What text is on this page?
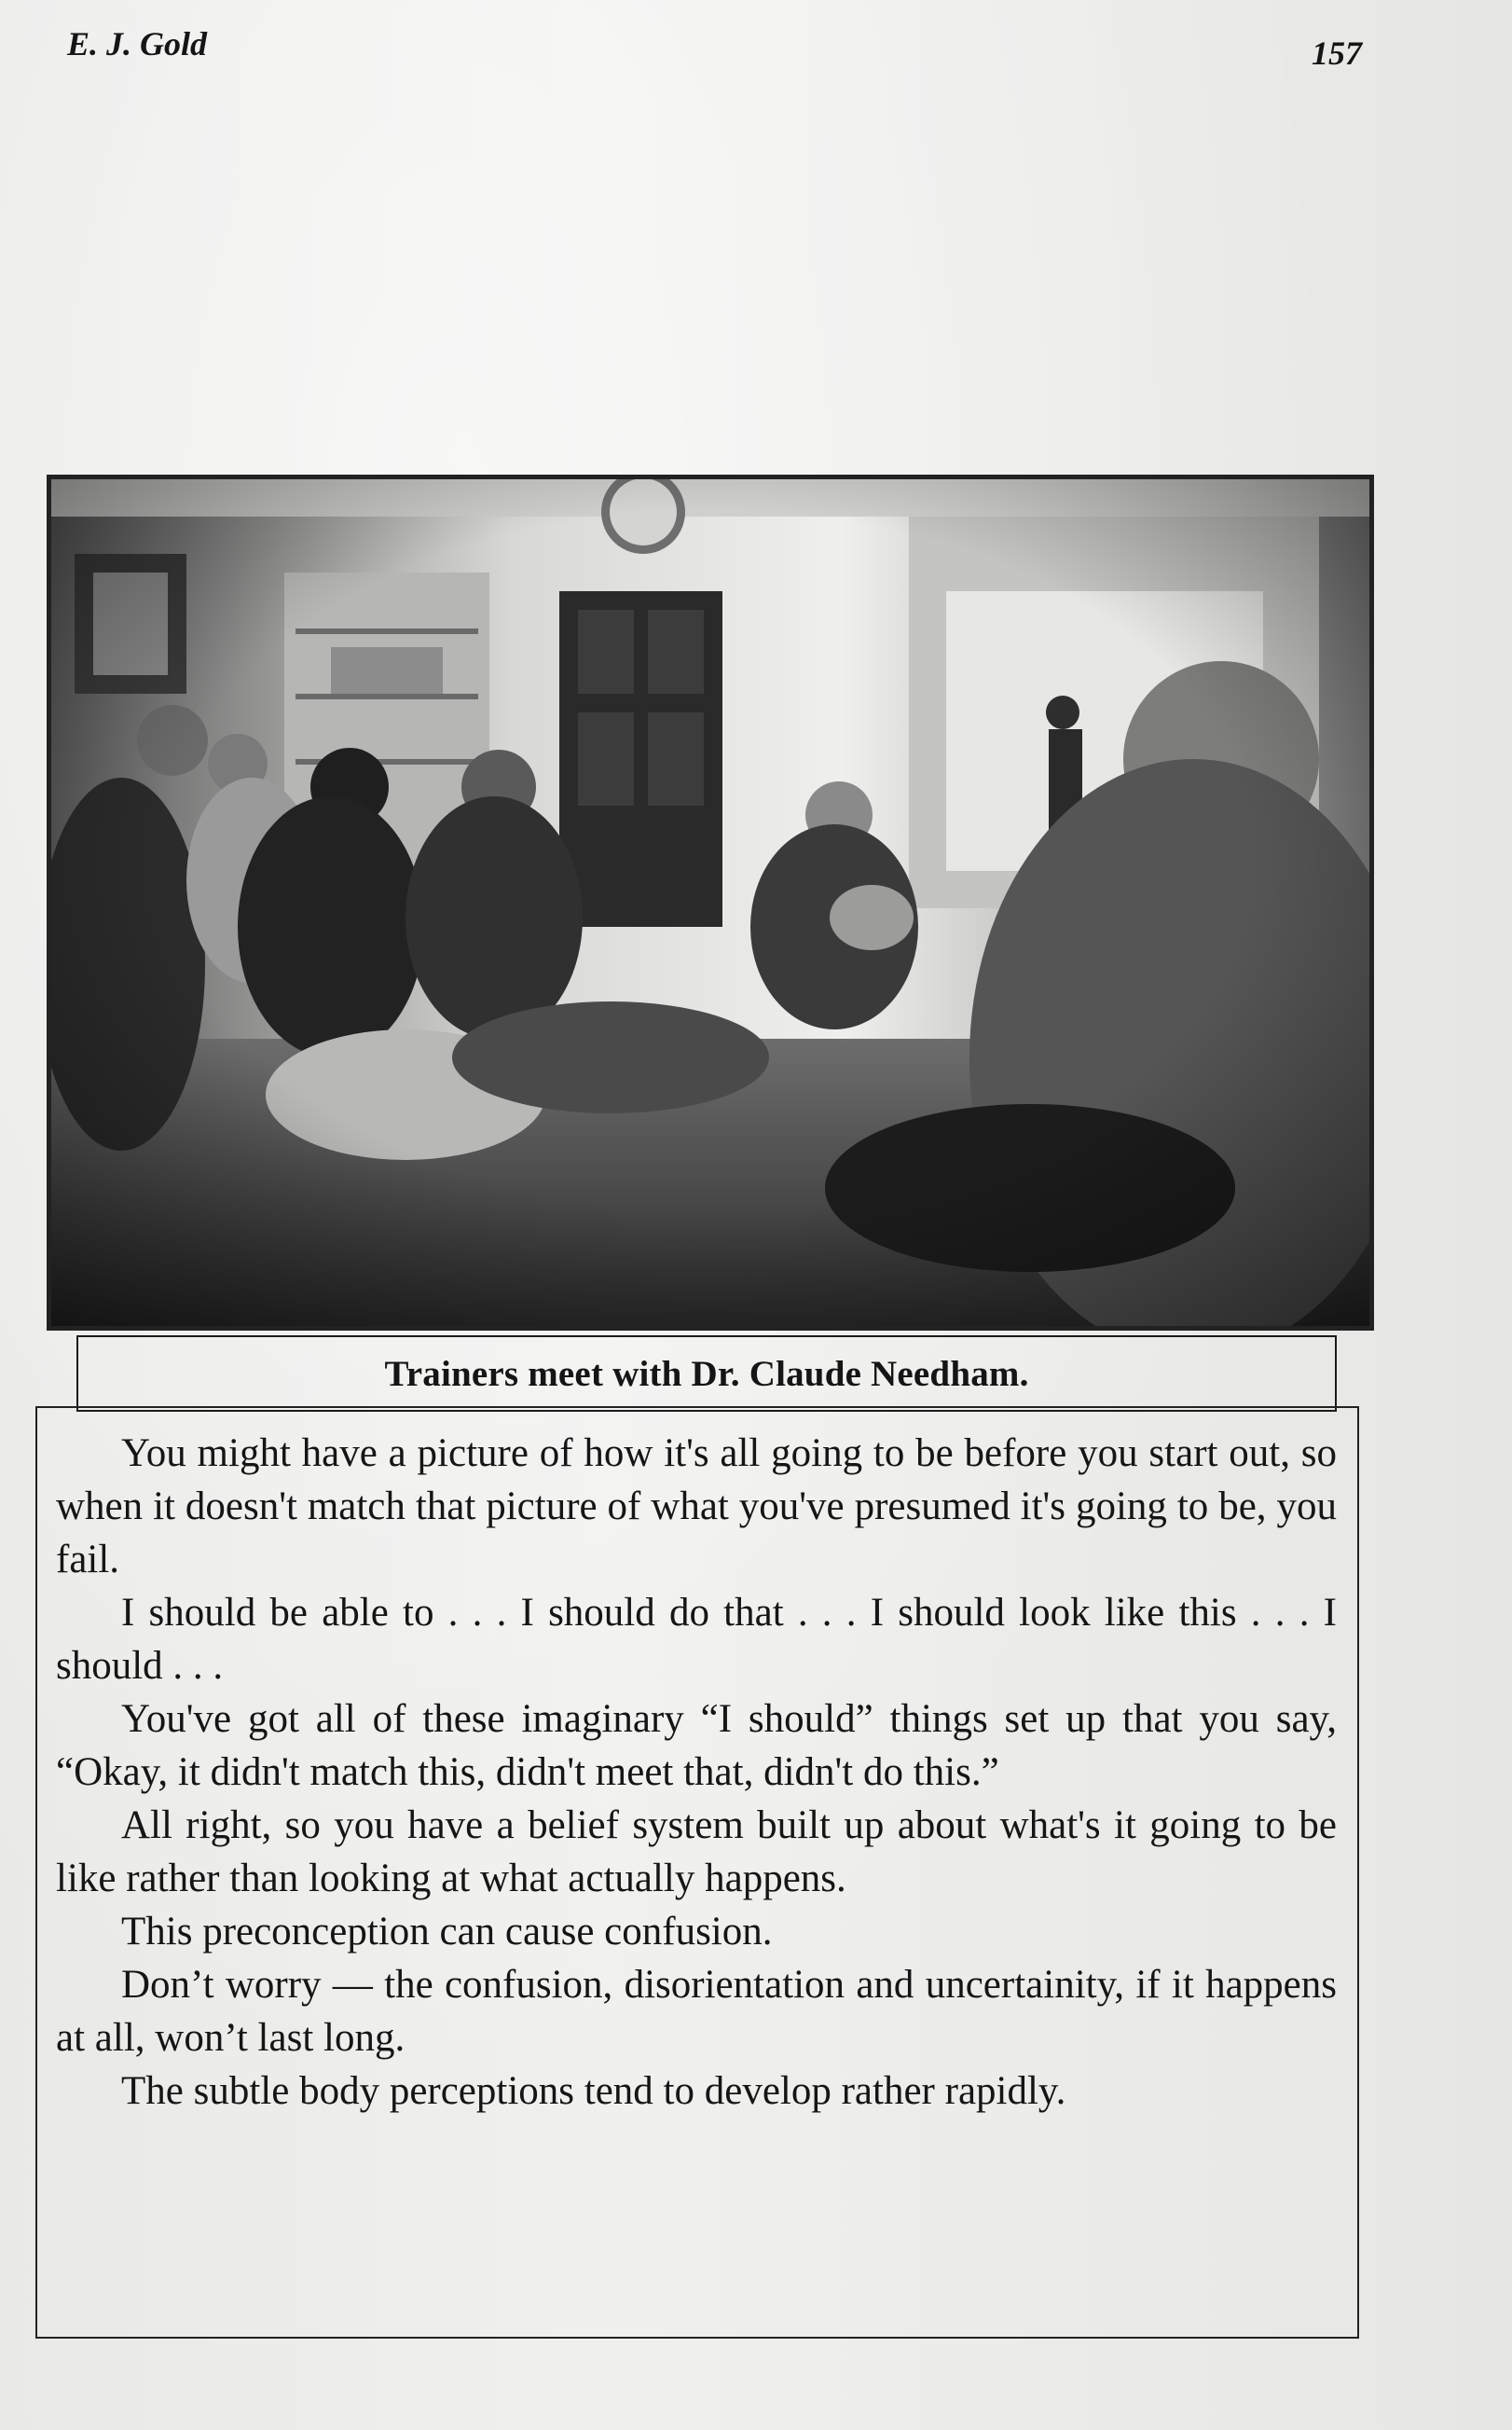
E. J. Gold	157
Trainers meet with Dr. Claude Needham.

You might have a picture of how it's all going to be before you start out, so when it doesn't match that picture of what you've presumed it's going to be, you fail.

I should be able to . . . I should do that . . . I should look like this . . . I should . . .

You've got all of these imaginary “I should” things set up that you say, “Okay, it didn't match this, didn't meet that, didn't do this.”

All right, so you have a belief system built up about what's it going to be like rather than looking at what actually happens.

This preconception can cause confusion.

Don’t worry — the confusion, disorientation and uncertainity, if it happens at all, won’t last long.

The subtle body perceptions tend to develop rather rapidly.
